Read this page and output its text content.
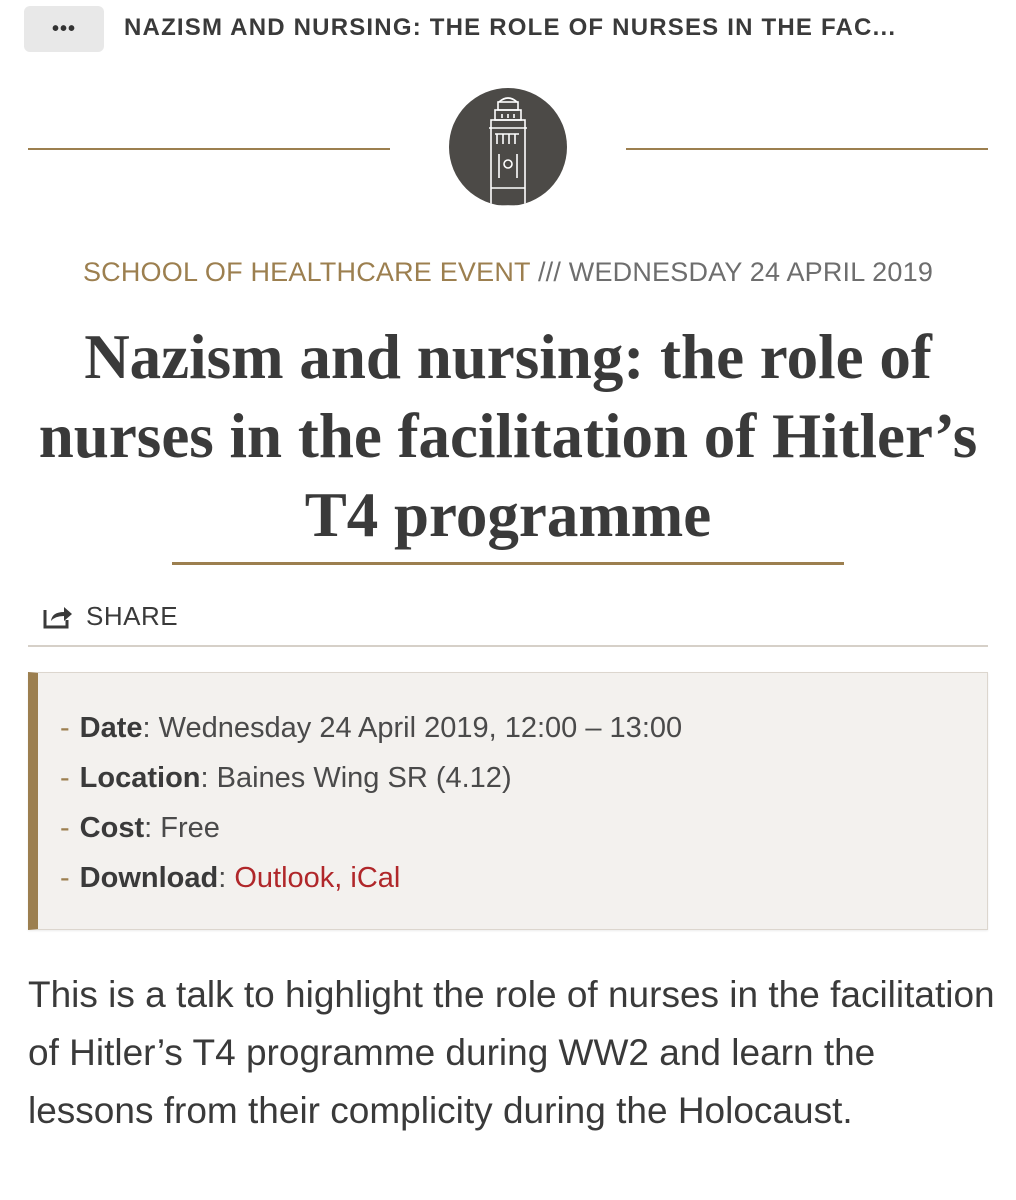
•••	NAZISM AND NURSING: THE ROLE OF NURSES IN THE FAC...
SCHOOL OF HEALTHCARE EVENT /// WEDNESDAY 24 APRIL 2019
Nazism and nursing: the role of nurses in the facilitation of Hitler’s T4 programme
SHARE
- Date: Wednesday 24 April 2019, 12:00 – 13:00
- Location: Baines Wing SR (4.12)
- Cost: Free
- Download: Outlook, iCal

This is a talk to highlight the role of nurses in the facilitation of Hitler’s T4 programme during WW2 and learn the lessons from their complicity during the Holocaust.
